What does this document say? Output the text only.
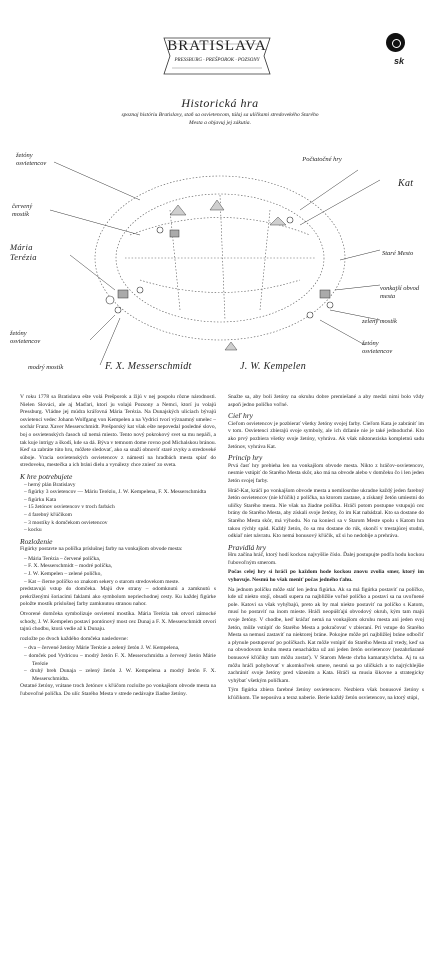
BRATISLAVA
PRESSBURG · PREŠPOROK · POZSONY	sk
Historická hra
spoznaj históriu Bratislavy, staň sa osvietencom, túlaj sa uličkami stredovekého Starého Mesta a objavuj jej zákutia.
žetóny osvietencov
Počiatočné hry
Kat
červený mostík
Mária Terézia	Staré Mesto
vonkajší obvod mesta
zelený mostík
žetóny osvietencov	žetóny osvietencov
modrý mostík	F. X. Messerschmidt	J. W. Kempelen

V roku 1778 sa Bratislava ešte volá Prešporok a žijú v nej pospolu rôzne národnosti. Nielen Slováci, ale aj Maďari, ktorí ju volajú Pozsony a Nemci, ktorí ju volajú Pressburg. Vládne jej múdra kráľovná Mária Terézia. Na Dunajských uliciach bývajú osvietenci vedec Johann Wolfgang von Kempelen a na Vydrici tvorí významný umelec – sochár Franz Xaver Messerschmidt. Prešporský kat však ešte nepovedal posledné slovo, boj o osvietenských časoch už nemá miesto. Tento nový pokrokový svet sa mu nepáči, a tak kuje intrigy a škodí, kde sa dá. Býva v temnom dome rovno pod Michalskou bránou. Keď sa zabráte túto hru, môžete sledovať, ako sa snaží obnoviť staré zvyky a stredoveké súboje. Vracia osvietenských osvietencov z námestí na hradbách mesta spiať do stredoveku, mestečka a ich bráni dielu a vynálezy chce zniesť zo sveta.

K hre potrebujete
– herný plán Bratislavy
– figúrky 3 osvietencov — Máriu Teréziu, J. W. Kempelena, F. X. Messerschmidta
– figúrku Kata
– 15 žetónov osvietencov v troch farbách
– 4 farebný kľúčikom
– 3 mostíky k domčekom osvietencov
– kocku
Rozloženie

Figúrky postavte na políčka príslušnej farby na vonkajšom obvode mesta:

– Mária Terézia – červené políčka,
– F. X. Messerschmidt – modré políčka,
– J. W. Kempelen – zelené políčko,
– Kat – čierne políčko so znakom sekery o starom stredovekom meste.

predstavujú vstup do domčeka. Majú dve strany – odomknutú a zamknutú s prekríženými šoriacimi faklami ako symbolom nepriechodnej cesty. Ku každej figúrke položte mostík príslušnej farby zamknutou stranou nahor.

Otvorené domčeka symbolizuje osvietení mostíka. Mária Terézia tak otvorí zámocké schody, J. W. Kempelen postaví pontónový most cez Dunaj a F. X. Messerschmidt otvorí tajnú chodbu, ktorá vedie až k Dunaju.

rozložte po dvoch každého domčeka nasledovne:

– dva – červené žetóny Márie Terézie a zelený žetón J. W. Kempelena,
– domček pod Vydricou – modrý žetón F. X. Messerschmidta a červený žetón Márie Terézie
– druhý breh Dunaja – zelený žetón J. W. Kempelena a modrý žetón F. X. Messerschmidta.

Ostatné žetóny, vrátane troch žetónov s kľúčom rozložte po vonkajšom obvode mesta na ľubovoľné políčka. Do ulíc Starého Mesta v strede nedávajte žiadne žetóny.

Snažte sa, aby boli žetóny na okruhu dobre premiešané a aby medzi nimi bolo vždy aspoň jedno políčko voľné.

Cieľ hry

Cieľom osvietencov je pozbierať všetky žetóny svojej farby. Cieľom Kata je zabrániť im v tom. Osvietenci zbierajú svoje symboly, ale ich držanie nie je také jednoduché. Kto ako prvý pozbiera všetky svoje žetóny, vyhráva. Ak však niktoneziska kompletnú sadu žetónov, vyhráva Kat.

Princíp hry

Prvá časť hry prebieha len na vonkajšom obvode mesta. Nikto z hráčov-osvietencov, nesmie vstúpiť do Starého Mesta skôr, ako má na obvode alebo v domčeku čo i len jeden žetón svojej farby.

Hráč-Kat, kráčí po vonkajšom obvode mesta a nemilosrdne ukradne každý jeden farebný žetón osvietencov (nie kľúčik) z políčka, na ktorom zastane, a získaný žetón umiestni do uličky Starého mesta. Nie však na žiadne políčka. Hráči potom postupne vstupujú cez brány do Starého Mesta, aby získali svoje žetóny, čo im Kat nabádzal. Kto sa dostane do Starého Mesta skôr, má výhodu. No na konieci sa v Starom Meste spolu s Katom hra takou rýchly spád. Každý žetón, čo sa mu dostane do rúk, skončí v trestajúcej studni, odkiaľ niet návratu. Kto nemá bonusový kľúčik, už si ho nedobije a prehráva.

Pravidlá hry

Hru začína hráč, ktorý hodí kockou najvyššie číslo. Ďalej postupujte podľa hodu kockou ľubovoľným smerom.

Počas celej hry si hráči po každom hode kockou znovu zvolia smer, ktorý im vyhovuje. Nesmú ho však meniť počas jedného ťahu.

Na jednom políčku môže stáť len jedna figúrka. Ak sa má figúrka postaviť na políčko, kde už niekto stojí, obsadí supera na najbližšie voľné políčko a postaví sa na uvoľnené pole. Katovi sa však vyhýbajú, preto ak by mal niekto postaviť na políčko s Katom, musí ho postaviť na inom mieste. Hráči neopúšťajú obvodový okruh, kým tam majú svoje žetóny. V chodbe, keď kráčať nemá na vonkajšom okruhu mesta ani jeden svoj žetón, môže vstúpiť do Starého Mesta a pokračovať v zbieraní. Pri vstupe do Starého Mesta sa nemusí zastaviť na niektorej bráne. Pokojne môže pri najbližšej bráne odbočiť a plynule postupovať po políčkach. Kat môže vstúpiť do Starého Mesta až vtedy, keď sa na obvodovom kruhu mesta nenachádza už ani jeden žetón osvietencov (nezahrňarané bonusové kľúčiky tam môžu zostať). V Starom Meste chrba kamaraty/chrba. Aj tu sa môžu hráči pohybovať v akomkoľvek smere, nesmú sa po uličkách a to najrýchlejšie zachrániť svoje žetóny pred väzením a Kata. Hráči sa musia šikovne a strategicky vyhýbať všetkým políčkam.

Tým figúrka zbiera farebné žetóny osvietencov. Nezbiera však bonusové žetóny s kľúčikom. Tie neposúva a teraz naberie. Berie každý žetón osvietencov, na ktorý stúpi,
